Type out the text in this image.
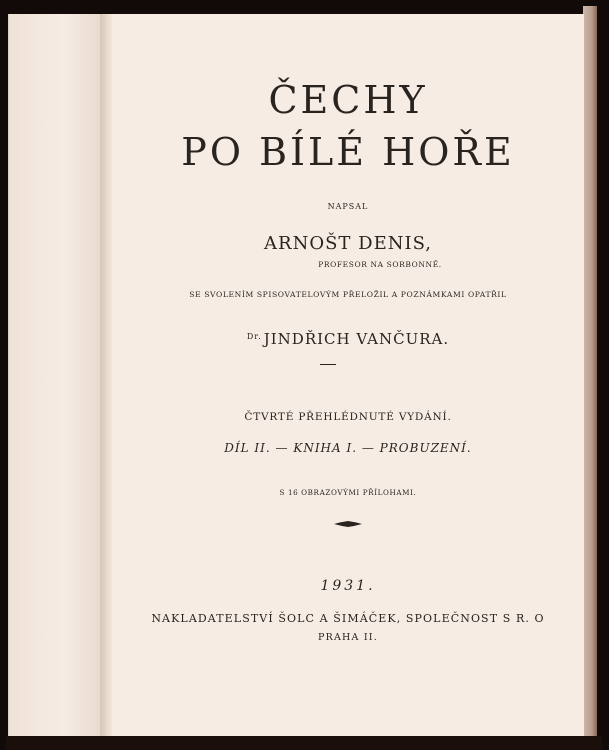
ČECHY
PO BÍLÉ HOŘE
NAPSAL
ARNOŠT DENIS,
PROFESOR NA SORBONNĚ.
SE SVOLENÍM SPISOVATELOVÝM PŘELOŽIL A POZNÁMKAMI OPATŘIL
$^{Dr.}$ JINDŘICH VANČURA.
ČTVRTÉ PŘEHLÉDNUTÉ VYDÁNÍ.
DÍL II. — KNIHA I. — PROBUZENÍ.
S 16 OBRAZOVÝMI PŘÍLOHAMI.
1931.
NAKLADATELSTVÍ ŠOLC A ŠIMÁČEK, SPOLEČNOST S R. O
PRAHA II.
